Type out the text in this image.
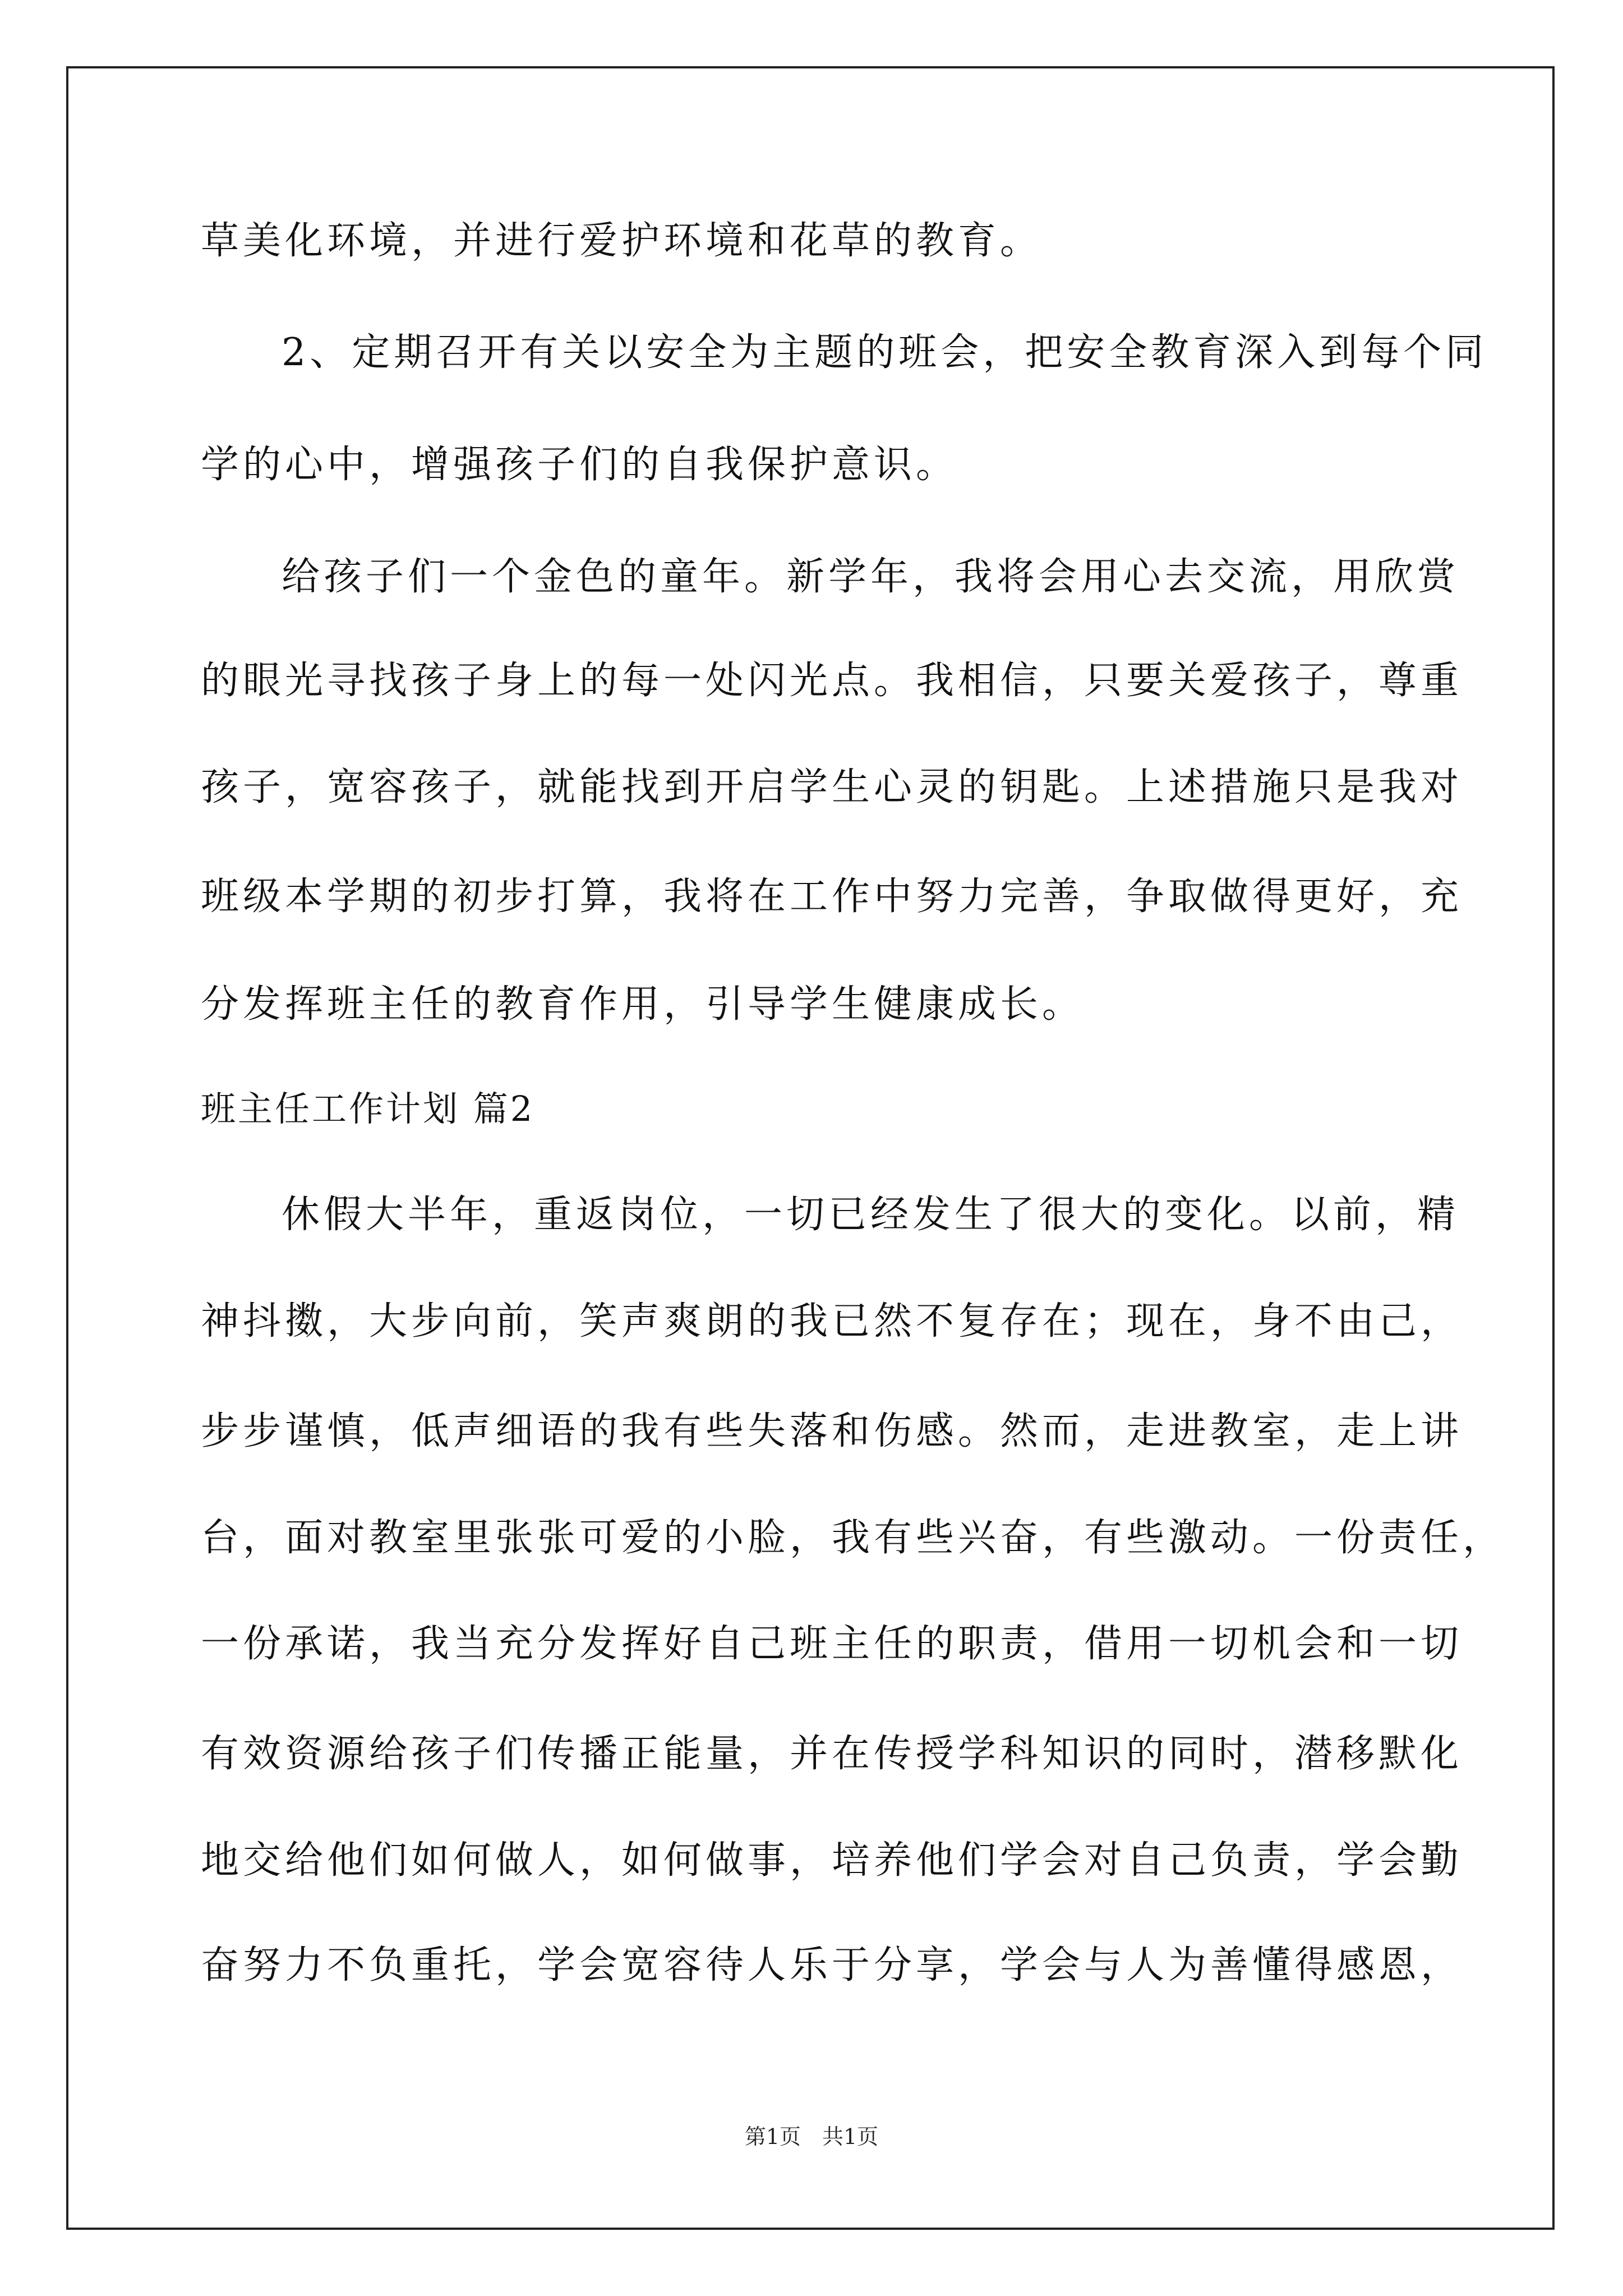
草美化环境，并进行爱护环境和花草的教育。
2、定期召开有关以安全为主题的班会，把安全教育深入到每个同
学的心中，增强孩子们的自我保护意识。
给孩子们一个金色的童年。新学年，我将会用心去交流，用欣赏
的眼光寻找孩子身上的每一处闪光点。我相信，只要关爱孩子，尊重
孩子，宽容孩子，就能找到开启学生心灵的钥匙。上述措施只是我对
班级本学期的初步打算，我将在工作中努力完善，争取做得更好，充
分发挥班主任的教育作用，引导学生健康成长。
班主任工作计划 篇2
休假大半年，重返岗位，一切已经发生了很大的变化。以前，精
神抖擞，大步向前，笑声爽朗的我已然不复存在；现在，身不由己，
步步谨慎，低声细语的我有些失落和伤感。然而，走进教室，走上讲
台，面对教室里张张可爱的小脸，我有些兴奋，有些激动。一份责任，
一份承诺，我当充分发挥好自己班主任的职责，借用一切机会和一切
有效资源给孩子们传播正能量，并在传授学科知识的同时，潜移默化
地交给他们如何做人，如何做事，培养他们学会对自己负责，学会勤
奋努力不负重托，学会宽容待人乐于分享，学会与人为善懂得感恩，
第1页　共1页
